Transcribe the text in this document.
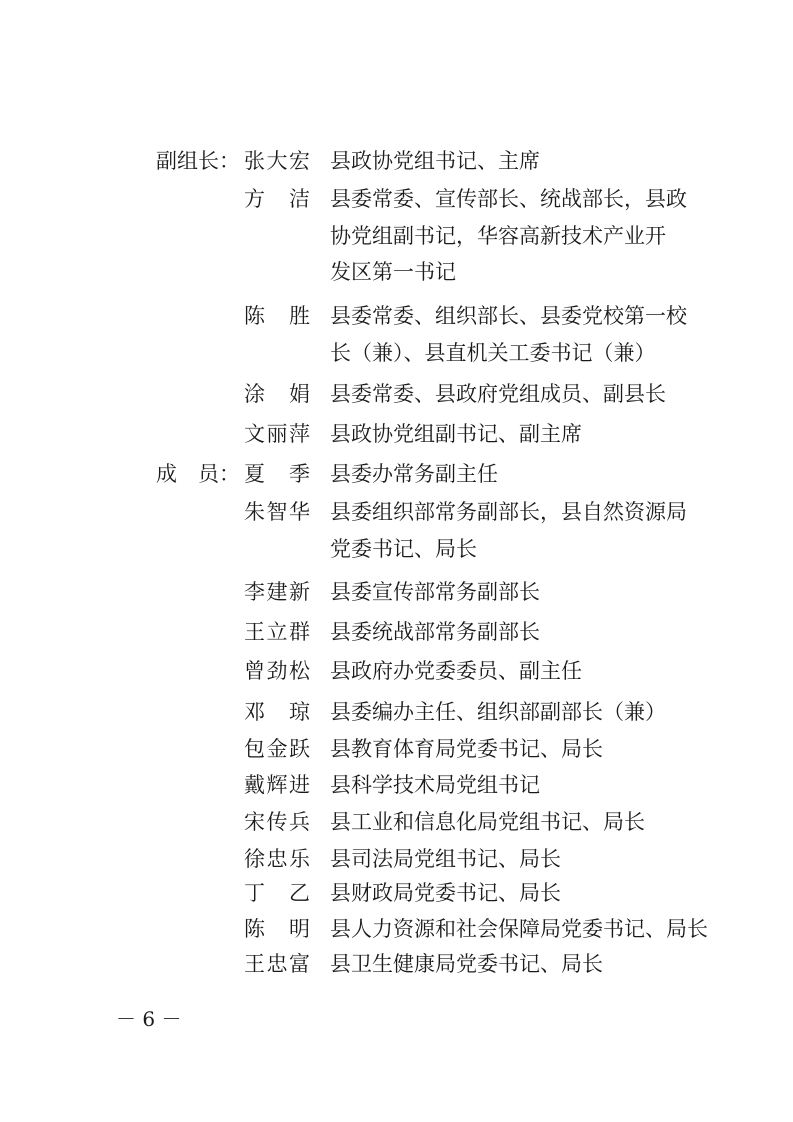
副组长： 张大宏 县政协党组书记、主席
方　洁 县委常委、宣传部长、统战部长，县政
协党组副书记，华容高新技术产业开
发区第一书记
陈　胜 县委常委、组织部长、县委党校第一校
长（兼）、县直机关工委书记（兼）
涂　娟 县委常委、县政府党组成员、副县长
文丽萍 县政协党组副书记、副主席
成　员： 夏　季 县委办常务副主任
朱智华 县委组织部常务副部长，县自然资源局
党委书记、局长
李建新 县委宣传部常务副部长
王立群 县委统战部常务副部长
曾劲松 县政府办党委委员、副主任
邓　琼 县委编办主任、组织部副部长（兼）
包金跃 县教育体育局党委书记、局长
戴辉进 县科学技术局党组书记
宋传兵 县工业和信息化局党组书记、局长
徐忠乐 县司法局党组书记、局长
丁　乙 县财政局党委书记、局长
陈　明 县人力资源和社会保障局党委书记、局长
王忠富 县卫生健康局党委书记、局长
－ 6 －
